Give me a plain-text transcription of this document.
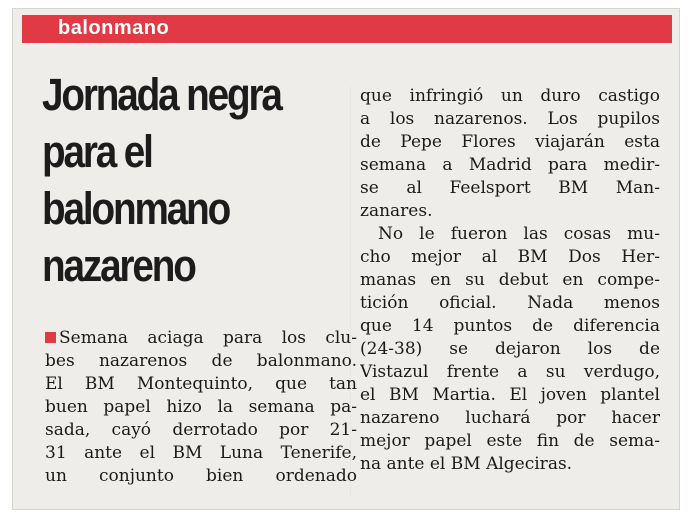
balonmano
Jornada negra
para el
balonmano
nazareno

Semana aciaga para los clu-
bes nazarenos de balonmano.
El BM Montequinto, que tan
buen papel hizo la semana pa-
sada, cayó derrotado por 21-
31 ante el BM Luna Tenerife,
un conjunto bien ordenado

que infringió un duro castigo
a los nazarenos. Los pupilos
de Pepe Flores viajarán esta
semana a Madrid para medir-
se al Feelsport BM Man-
zanares.

No le fueron las cosas mu-
cho mejor al BM Dos Her-
manas en su debut en compe-
tición oficial. Nada menos
que 14 puntos de diferencia
(24-38) se dejaron los de
Vistazul frente a su verdugo,
el BM Martia. El joven plantel
nazareno luchará por hacer
mejor papel este fin de sema-
na ante el BM Algeciras.
